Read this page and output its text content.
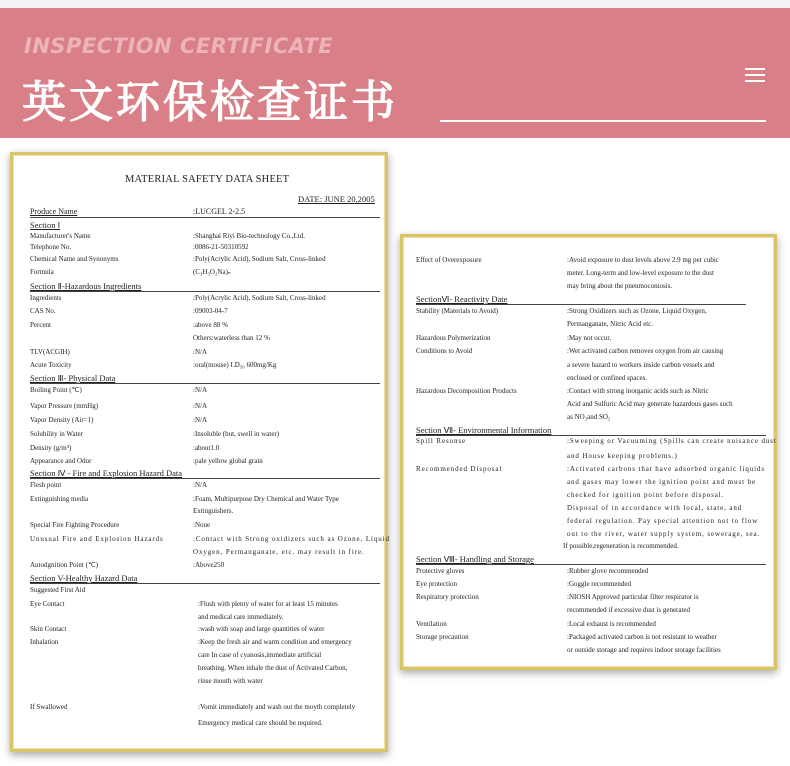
INSPECTION CERTIFICATE
英文环保检查证书
MATERIAL SAFETY DATA SHEET
DATE: JUNE 20,2005
Produce Name	:LUCGEL 2-2.5
Section Ⅰ
Manufacturer's Name	:Shanghai Riyi Bio-technology Co.,Ltd.
Telephone No.	:0086-21-50310592
Chemical Name and Synonyms	:Poly(Acrylic Acid), Sodium Salt, Cross-linked
Formula	(C₃H₃O₂Na)ₙ
Section Ⅱ-Hazardous Ingredients
Ingredients	:Poly(Acrylic Acid), Sodium Salt, Cross-linked
CAS No.	:09003-04-7
Percent	:above 88 %
Others:waterless than 12 %
TLV(ACGIH)	:N/A
Acute Toxicity	:oral(mouse) LD₅₀ 600mg/Kg
Section Ⅲ- Physical Data
Boiling Point (℃)	:N/A
Vapor Pressure (mmHg)	:N/A
Vapor Density (Air=1)	:N/A
Solubility in Water	:Insoluble (but, swell in water)
Density (g/m³)	:about1.0
Appearance and Odor	:pale yellow global grain
Section Ⅳ - Fire and Explosion Hazard Data
Flesh point	:N/A
Extinguishing media	:Foam, Multipurpose Dry Chemical and Water Type
Extinguishers.
Special Fire Fighting Procedure	:None
Unusual Fire and Explosion Hazards	:Contact with Strong oxidizers such as Ozone, Liquid
Oxygen, Permanganate, etc. may result in fire.
Autodgnition Point (℃)	:Above250
Section V-Healthy Hazard Data
Suggested First Aid
Eye Contact	:Flush with plenty of water for at least 15 minutes
and medical care immediately.
Skin Contact	:wash with soap and large quantities of water
Inhalation	:Keep the fresh air and warm condition and emergency
care In case of cyanosis,immediate artificial
breathing. When inhale the dust of Activated Carbon,
rinse mouth with water
If Swallowed	:Vomit immediately and wash out the moyth completely
Emergency medical care should be required.
Effect of Overexposure	:Avoid exposure to dust levels above 2.9 mg per cubic
meter. Long-term and low-level exposure to the dust
may bring about the pneumoconiosis.
SectionⅥ- Reactivity Date
Stability (Materials to Avoid)	:Strong Oxidizers such as Ozone, Liquid Oxygen,
Permanganate, Nitric Acid etc.
Hazardous Polymerization	:May not occur.
Conditions to Avoid	:Wet activated carbon removes oxygen from air causing
a severe hazard to workers inside carbon vessels and
enclosed or confined spaces.
Hazardous Decomposition Products	:Contact with strong inorganic acids such as Nitric
Acid and Sulfuric Acid may generate hazardous gases such
as NO₂and SO₂
Section Ⅶ- Environmental Information
Spill Resonse	:Sweeping or Vacuuming (Spills can create nuisance dust
and House keeping problems.)
Recommended Disposal	:Activated carbons that have adsorbed organic liquids
and gases may lower the ignition point and must be
checked for ignition point before disposal.
Disposal of in accordance with local, state, and
federal regulation. Pay special attention not to flow
out to the river, water supply system, sewerage, sea.
If possible,regeneration is recommended.
Section Ⅷ- Handling and Storage
Protective gloves	:Rubber glove recommended
Eye protection	:Goggle recommended
Respiratory protection	:NIOSH Approved particular filter respirator is
recommended if excessive dust is generated
Ventilation	:Local exhaust is recommended
Storage precaution	:Packaged activated carbon is not resistant to weather
or outside storage and requires indoor storage facilities
